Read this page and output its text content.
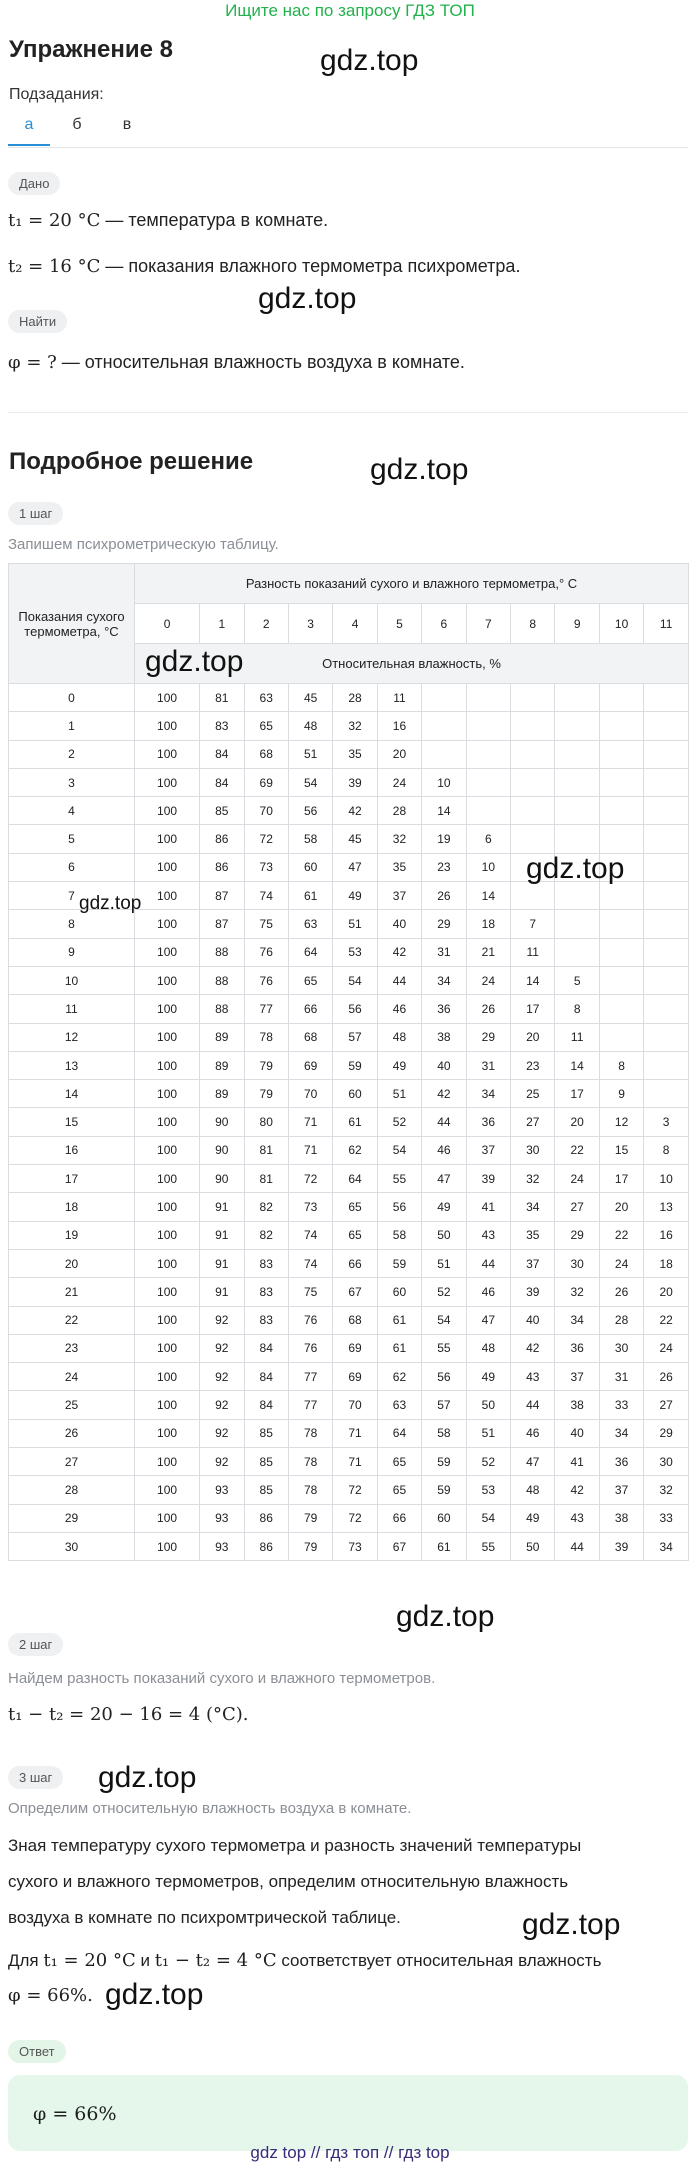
Ищите нас по запросу ГДЗ ТОП
Упражнение 8	gdz.top
Подзадания:
а	б	в
Дано
t₁ = 20 °C — температура в комнате.
t₂ = 16 °C — показания влажного термометра психрометра.
gdz.top
Найти
φ = ? — относительная влажность воздуха в комнате.
Подробное решение	gdz.top
1 шаг
Запишем психрометрическую таблицу.
Показания сухого термометра, °C	Разность показаний сухого и влажного термометра,° С											
	0	1	2	3	4	5	6	7	8	9	10	11
	Относительная влажность, %											
0	100	81	63	45	28	11						
1	100	83	65	48	32	16						
2	100	84	68	51	35	20						
3	100	84	69	54	39	24	10					
4	100	85	70	56	42	28	14					
5	100	86	72	58	45	32	19	6				
6	100	86	73	60	47	35	23	10				
7	100	87	74	61	49	37	26	14				
8	100	87	75	63	51	40	29	18	7			
9	100	88	76	64	53	42	31	21	11			
10	100	88	76	65	54	44	34	24	14	5		
11	100	88	77	66	56	46	36	26	17	8		
12	100	89	78	68	57	48	38	29	20	11		
13	100	89	79	69	59	49	40	31	23	14	8	
14	100	89	79	70	60	51	42	34	25	17	9	
15	100	90	80	71	61	52	44	36	27	20	12	3
16	100	90	81	71	62	54	46	37	30	22	15	8
17	100	90	81	72	64	55	47	39	32	24	17	10
18	100	91	82	73	65	56	49	41	34	27	20	13
19	100	91	82	74	65	58	50	43	35	29	22	16
20	100	91	83	74	66	59	51	44	37	30	24	18
21	100	91	83	75	67	60	52	46	39	32	26	20
22	100	92	83	76	68	61	54	47	40	34	28	22
23	100	92	84	76	69	61	55	48	42	36	30	24
24	100	92	84	77	69	62	56	49	43	37	31	26
25	100	92	84	77	70	63	57	50	44	38	33	27
26	100	92	85	78	71	64	58	51	46	40	34	29
27	100	92	85	78	71	65	59	52	47	41	36	30
28	100	93	85	78	72	65	59	53	48	42	37	32
29	100	93	86	79	72	66	60	54	49	43	38	33
30	100	93	86	79	73	67	61	55	50	44	39	34
gdz.top
gdz.top
gdz.top
gdz.top
2 шаг
Найдем разность показаний сухого и влажного термометров.
t₁ − t₂ = 20 − 16 = 4 (°C).
3 шаг	gdz.top
Определим относительную влажность воздуха в комнате.
Зная температуру сухого термометра и разность значений температуры
сухого и влажного термометров, определим относительную влажность
воздуха в комнате по психромтрической таблице.	gdz.top
Для t₁ = 20 °C и t₁ − t₂ = 4 °C соответствует относительная влажность
φ = 66%. gdz.top
Ответ
φ = 66%
gdz top // гдз топ // гдз top
